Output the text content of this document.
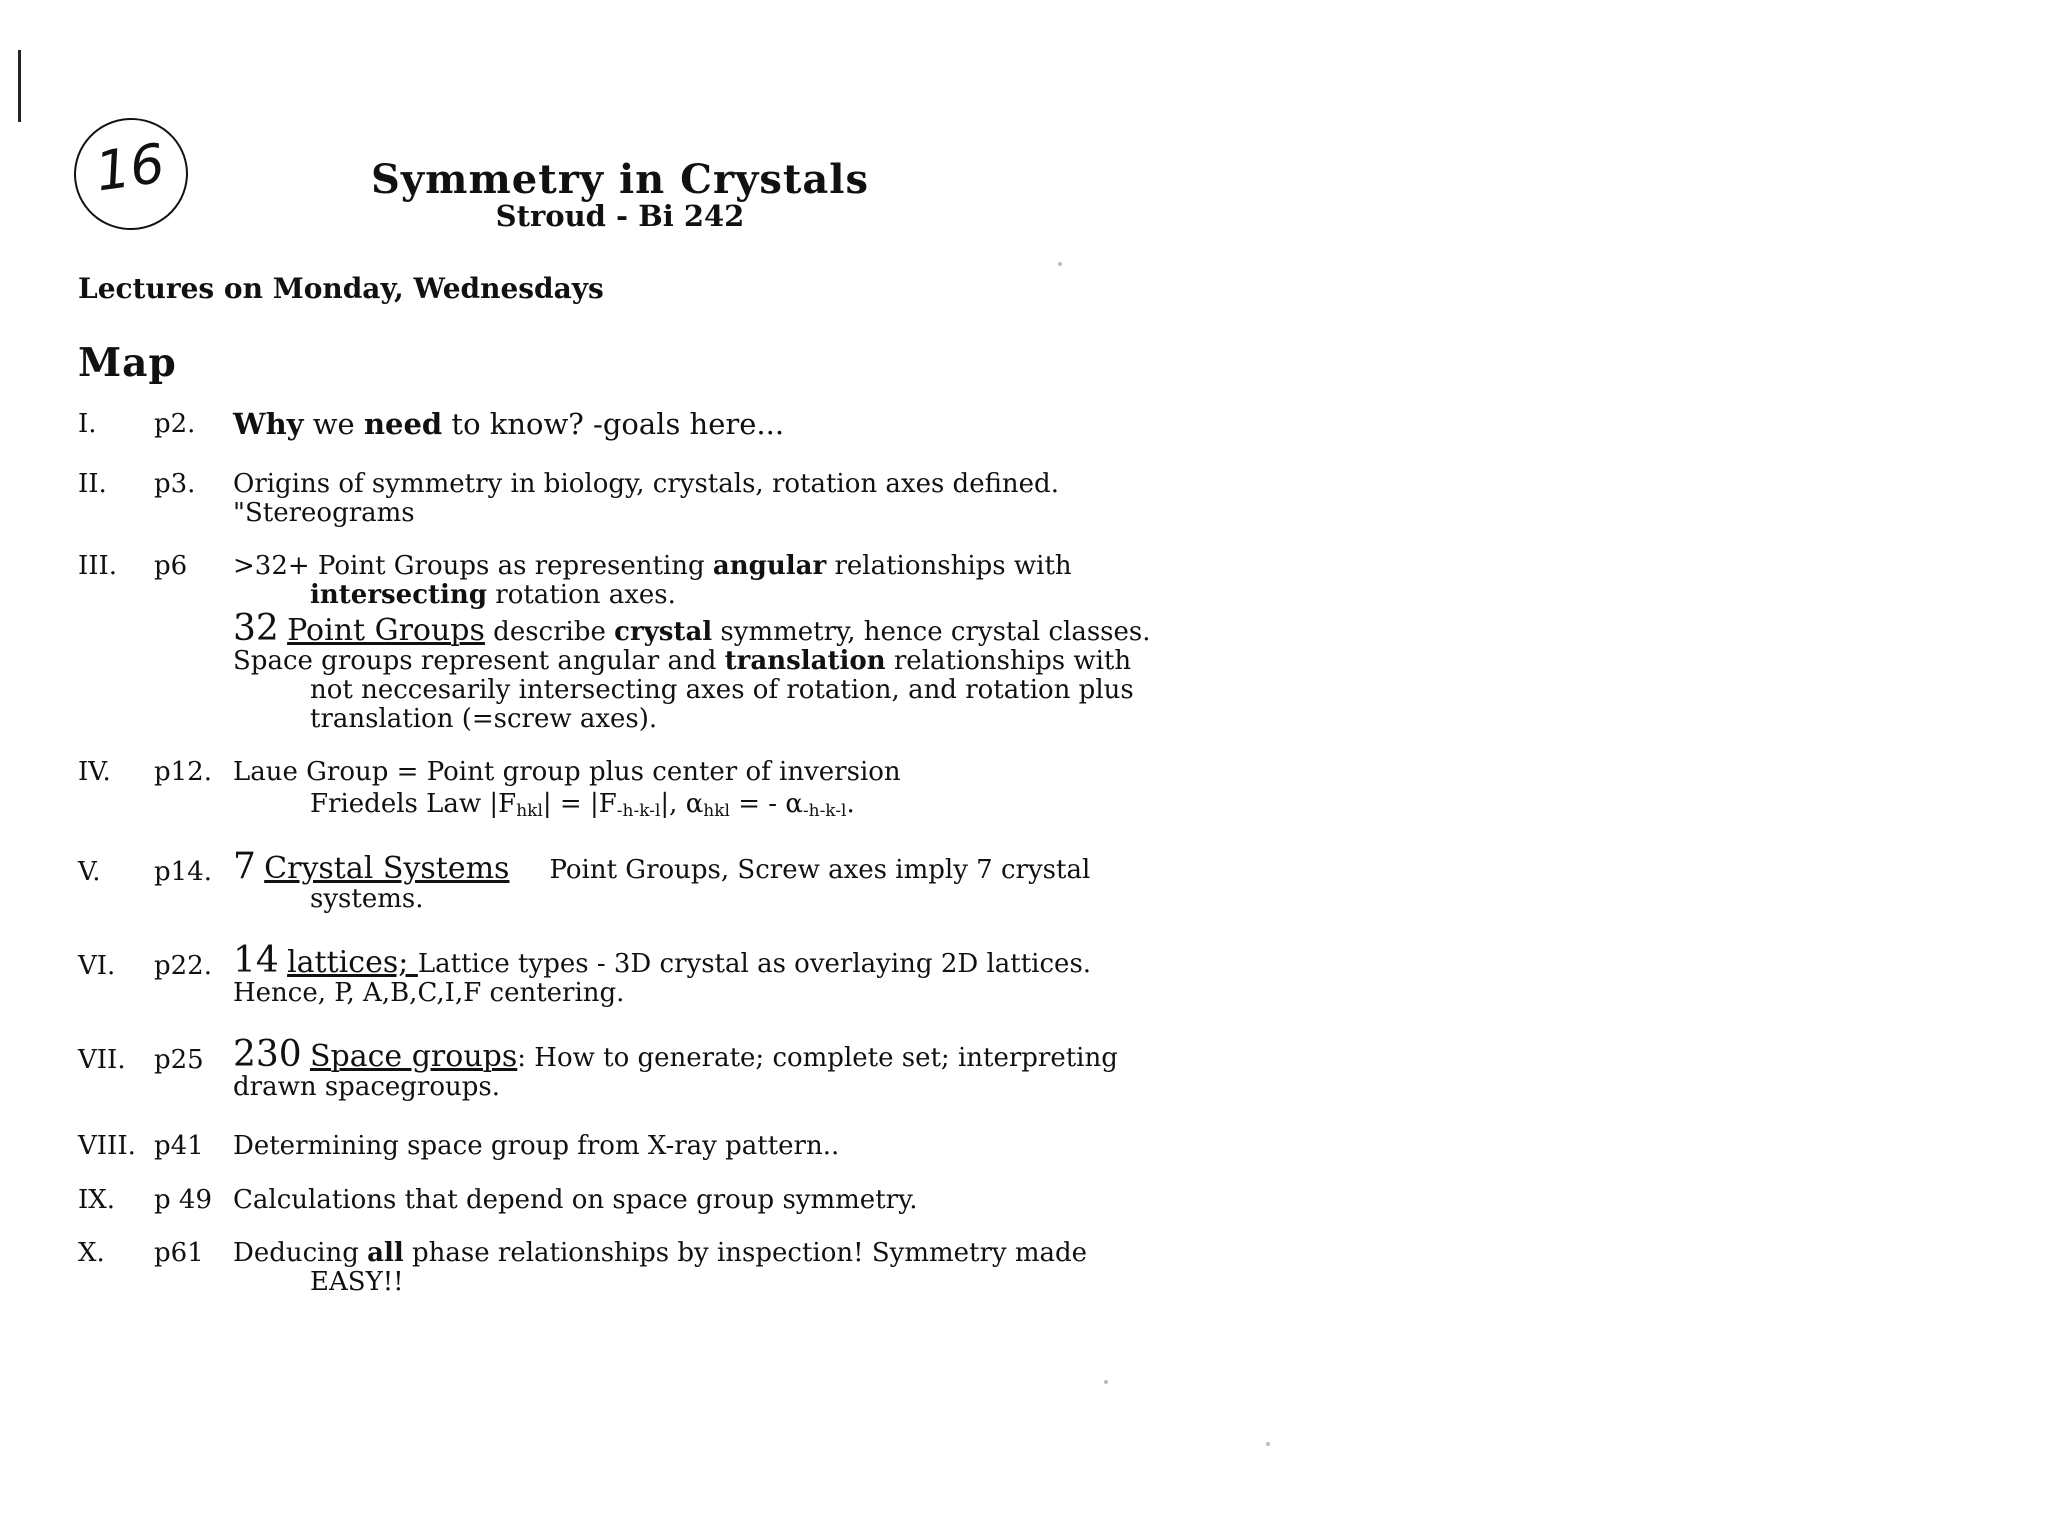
16	Symmetry in Crystals
Stroud - Bi 242
Lectures on Monday, Wednesdays
Map
I. p2. Why we need to know? -goals here...
II. p3. Origins of symmetry in biology, crystals, rotation axes defined.
"Stereograms
III. p6 >32+ Point Groups as representing angular relationships with
intersecting rotation axes.
32 Point Groups describe crystal symmetry, hence crystal classes.
Space groups represent angular and translation relationships with
not neccesarily intersecting axes of rotation, and rotation plus
translation (=screw axes).
IV. p12. Laue Group = Point group plus center of inversion
Friedels Law $|F_{hkl}| = |F_{-h-k-l}|$, $\alpha_{hkl}$ = - $\alpha_{-h-k-l}$.
V. p14. 7 Crystal Systems Point Groups, Screw axes imply 7 crystal
systems.
VI. p22. 14 lattices; Lattice types - 3D crystal as overlaying 2D lattices.
Hence, P, A,B,C,I,F centering.
VII. p25 230 Space groups: How to generate; complete set; interpreting
drawn spacegroups.
VIII. p41 Determining space group from X-ray pattern..
IX. p 49 Calculations that depend on space group symmetry.
X. p61 Deducing all phase relationships by inspection! Symmetry made
EASY!!
